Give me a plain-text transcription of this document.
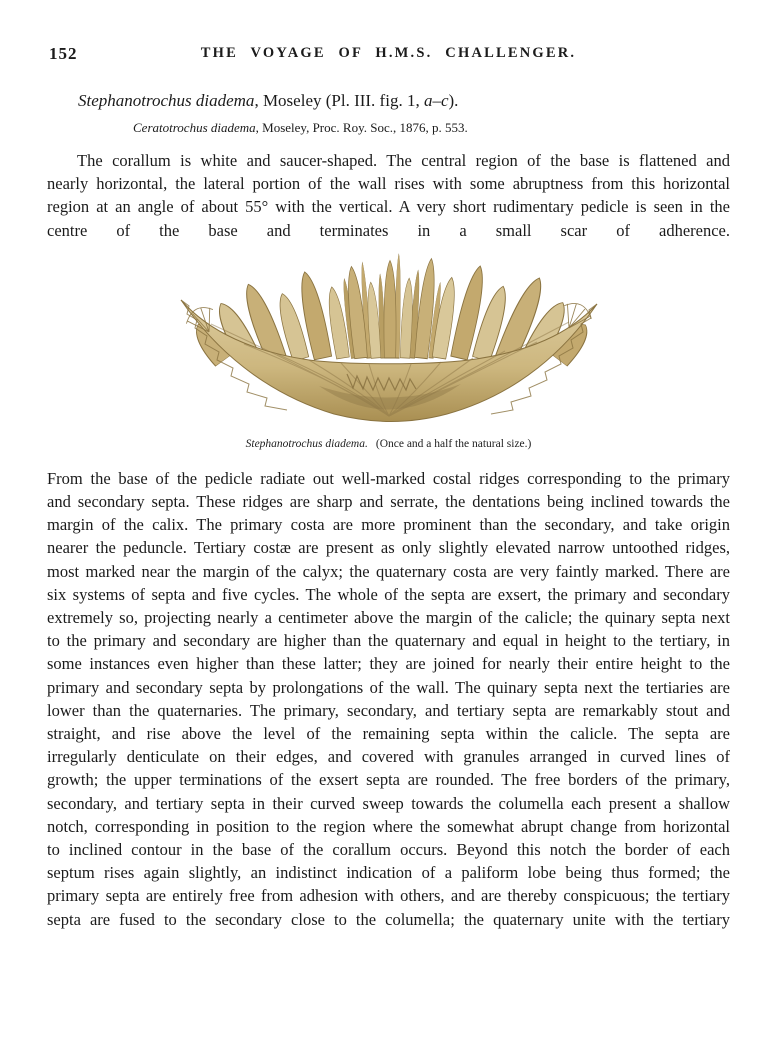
152	THE VOYAGE OF H.M.S. CHALLENGER.

Stephanotrochus diadema, Moseley (Pl. III. fig. 1, a–c).

Ceratotrochus diadema, Moseley, Proc. Roy. Soc., 1876, p. 553.

The corallum is white and saucer-shaped. The central region of the base is flattened and nearly horizontal, the lateral portion of the wall rises with some abruptness from this horizontal region at an angle of about 55° with the vertical. A very short rudimentary pedicle is seen in the centre of the base and terminates in a small scar of adherence.

Stephanotrochus diadema. (Once and a half the natural size.)

From the base of the pedicle radiate out well-marked costal ridges corresponding to the primary and secondary septa. These ridges are sharp and serrate, the dentations being inclined towards the margin of the calix. The primary costa are more prominent than the secondary, and take origin nearer the peduncle. Tertiary costæ are present as only slightly elevated narrow untoothed ridges, most marked near the margin of the calyx; the quaternary costa are very faintly marked. There are six systems of septa and five cycles. The whole of the septa are exsert, the primary and secondary extremely so, projecting nearly a centimeter above the margin of the calicle; the quinary septa next to the primary and secondary are higher than the quaternary and equal in height to the tertiary, in some instances even higher than these latter; they are joined for nearly their entire height to the primary and secondary septa by prolongations of the wall. The quinary septa next the tertiaries are lower than the quaternaries. The primary, secondary, and tertiary septa are remarkably stout and straight, and rise above the level of the remaining septa within the calicle. The septa are irregularly denticulate on their edges, and covered with granules arranged in curved lines of growth; the upper terminations of the exsert septa are rounded. The free borders of the primary, secondary, and tertiary septa in their curved sweep towards the columella each present a shallow notch, corresponding in position to the region where the somewhat abrupt change from horizontal to inclined contour in the base of the corallum occurs. Beyond this notch the border of each septum rises again slightly, an indistinct indication of a paliform lobe being thus formed; the primary septa are entirely free from adhesion with others, and are thereby conspicuous; the tertiary septa are fused to the secondary close to the columella; the quaternary unite with the tertiary
